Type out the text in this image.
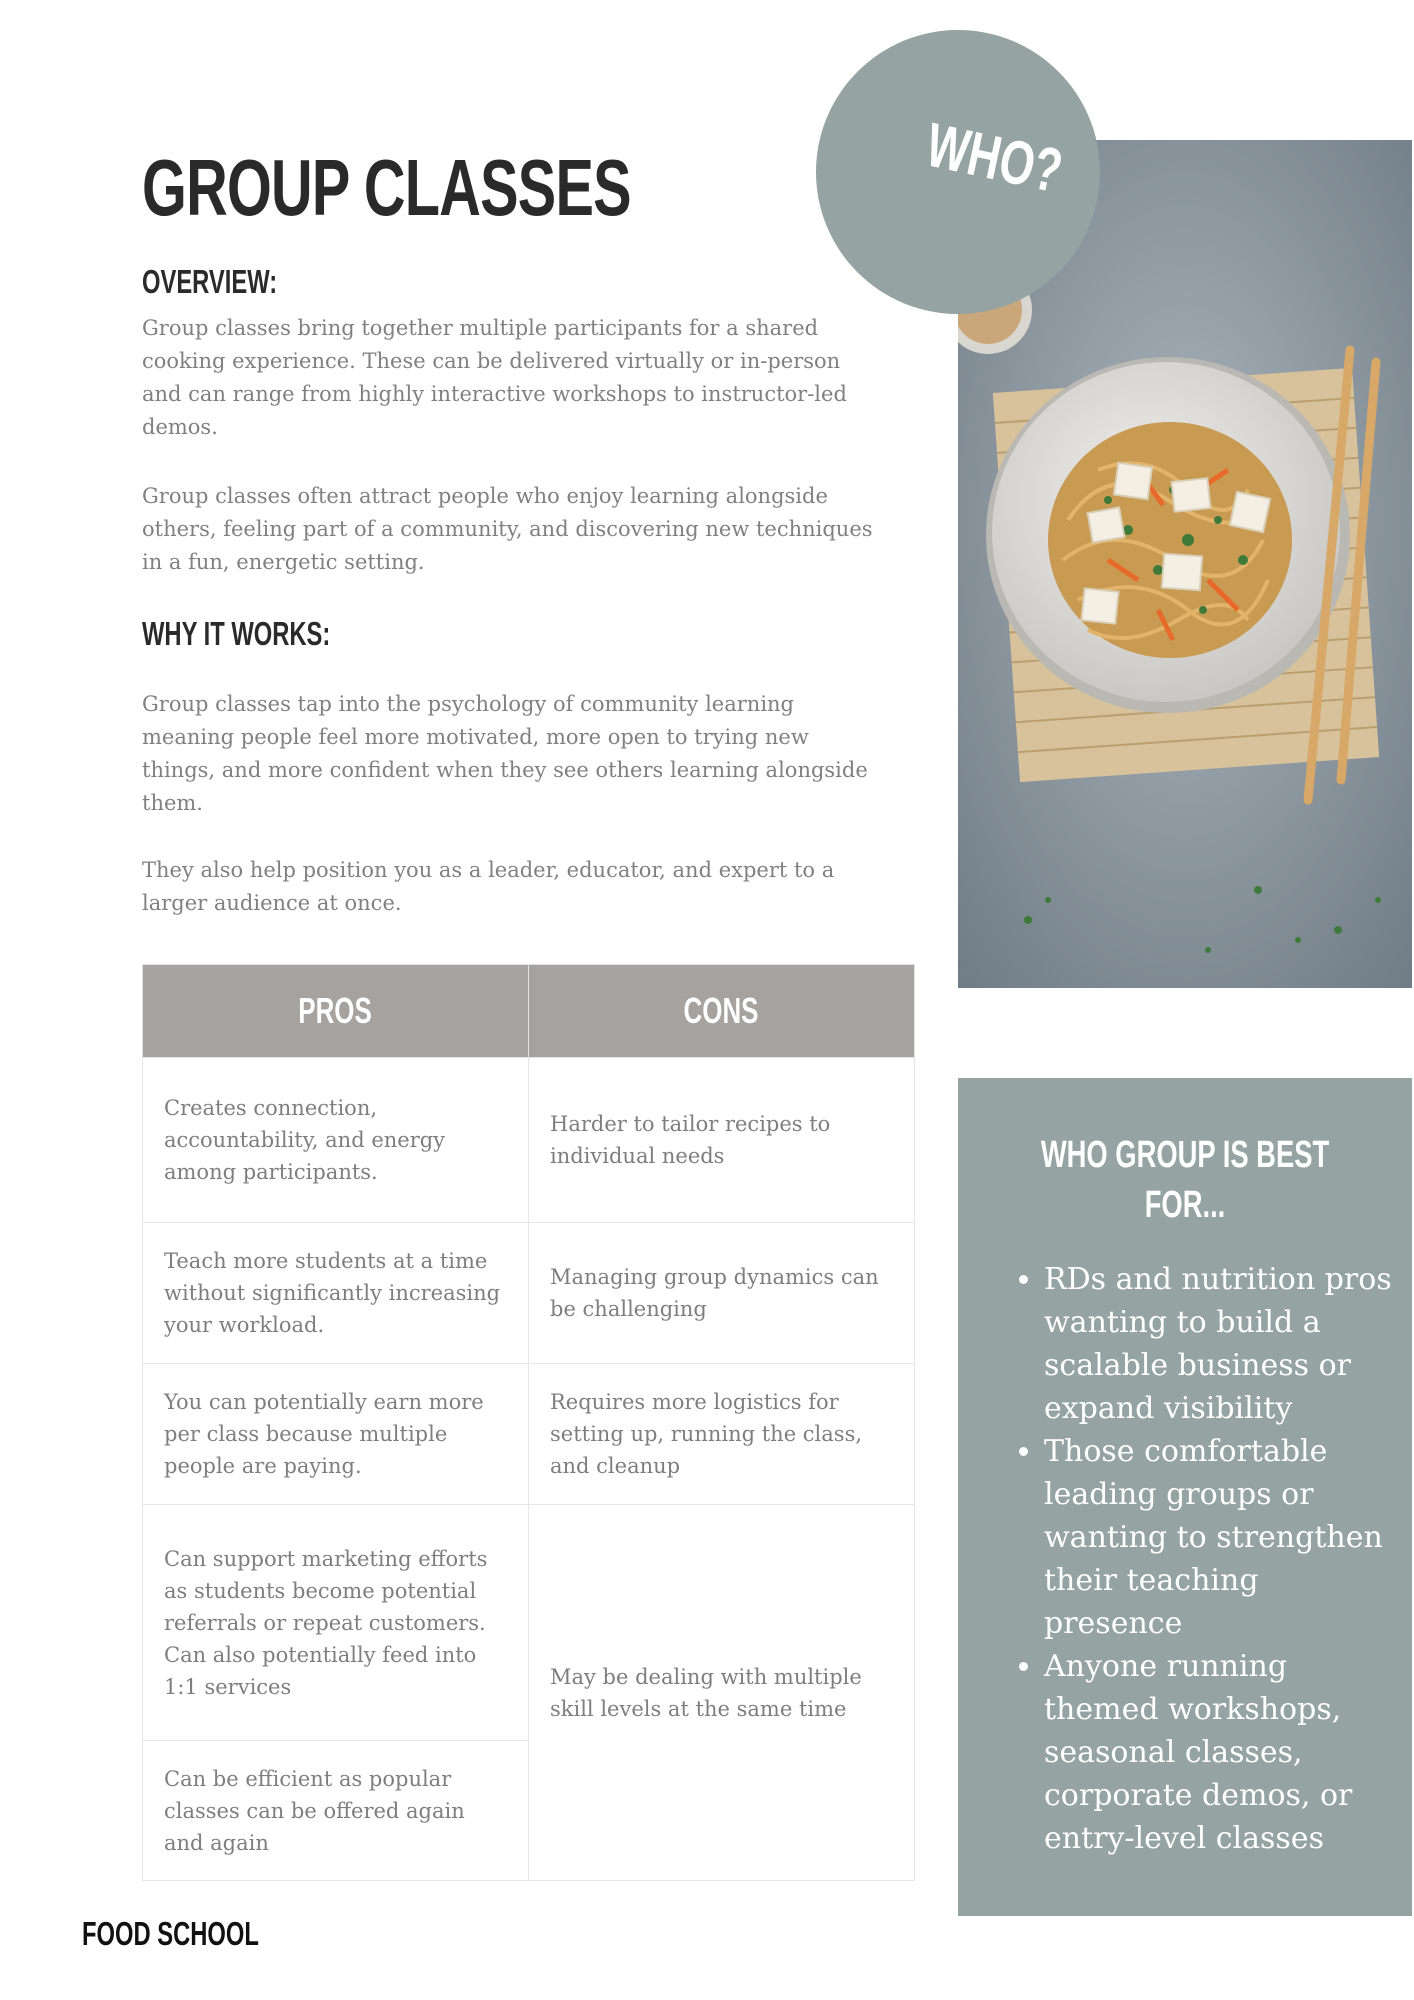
GROUP CLASSES
OVERVIEW:

Group classes bring together multiple participants for a shared cooking experience. These can be delivered virtually or in-person and can range from highly interactive workshops to instructor-led demos.

Group classes often attract people who enjoy learning alongside others, feeling part of a community, and discovering new techniques in a fun, energetic setting.

WHY IT WORKS:

Group classes tap into the psychology of community learning meaning people feel more motivated, more open to trying new things, and more confident when they see others learning alongside them.

They also help position you as a leader, educator, and expert to a larger audience at once.

PROS	CONS
Creates connection, accountability, and energy among participants.	Harder to tailor recipes to individual needs
Teach more students at a time without significantly increasing your workload.	Managing group dynamics can be challenging
You can potentially earn more per class because multiple people are paying.	Requires more logistics for setting up, running the class, and cleanup
Can support marketing efforts as students become potential referrals or repeat customers. Can also potentially feed into 1:1 services	May be dealing with multiple skill levels at the same time
Can be efficient as popular classes can be offered again and again	
WHO?
WHO GROUP IS BEST
FOR...
• RDs and nutrition pros wanting to build a scalable business or expand visibility
• Those comfortable leading groups or wanting to strengthen their teaching presence
• Anyone running themed workshops, seasonal classes, corporate demos, or entry-level classes
FOOD SCHOOL
